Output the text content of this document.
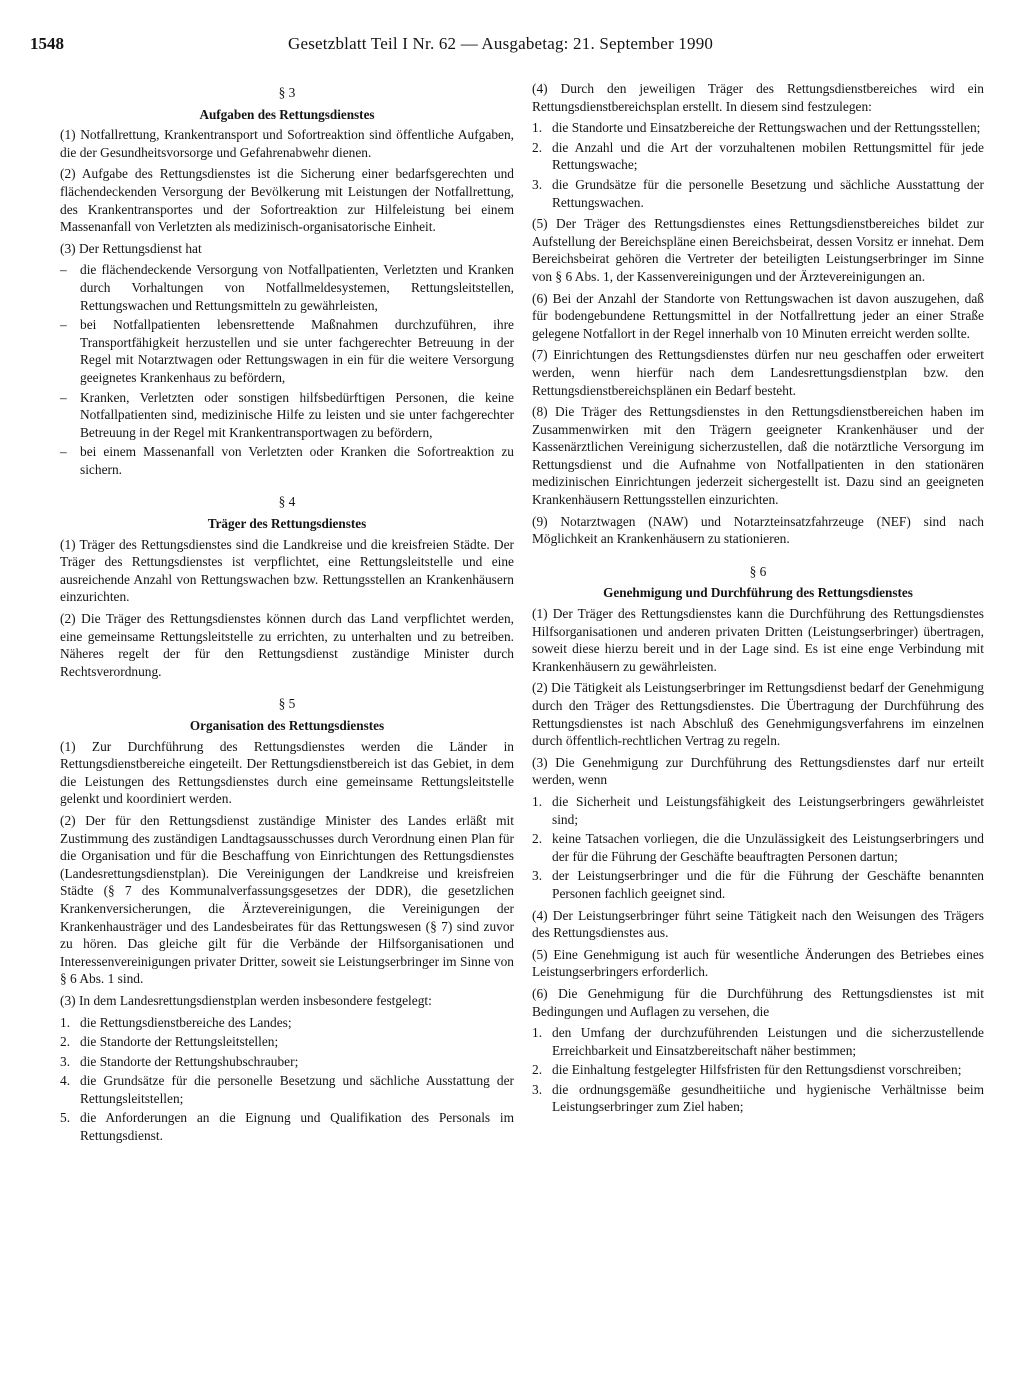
1548	Gesetzblatt Teil I Nr. 62 — Ausgabetag: 21. September 1990
§ 3
Aufgaben des Rettungsdienstes

(1) Notfallrettung, Krankentransport und Sofortreaktion sind öffentliche Aufgaben, die der Gesundheitsvorsorge und Gefahrenabwehr dienen.

(2) Aufgabe des Rettungsdienstes ist die Sicherung einer bedarfsgerechten und flächendeckenden Versorgung der Bevölkerung mit Leistungen der Notfallrettung, des Krankentransportes und der Sofortreaktion zur Hilfeleistung bei einem Massenanfall von Verletzten als medizinisch-organisatorische Einheit.

(3) Der Rettungsdienst hat

– die flächendeckende Versorgung von Notfallpatienten, Verletzten und Kranken durch Vorhaltungen von Notfallmeldesystemen, Rettungsleitstellen, Rettungswachen und Rettungsmitteln zu gewährleisten,
– bei Notfallpatienten lebensrettende Maßnahmen durchzuführen, ihre Transportfähigkeit herzustellen und sie unter fachgerechter Betreuung in der Regel mit Notarztwagen oder Rettungswagen in ein für die weitere Versorgung geeignetes Krankenhaus zu befördern,
– Kranken, Verletzten oder sonstigen hilfsbedürftigen Personen, die keine Notfallpatienten sind, medizinische Hilfe zu leisten und sie unter fachgerechter Betreuung in der Regel mit Krankentransportwagen zu befördern,
– bei einem Massenanfall von Verletzten oder Kranken die Sofortreaktion zu sichern.
§ 4
Träger des Rettungsdienstes

(1) Träger des Rettungsdienstes sind die Landkreise und die kreisfreien Städte. Der Träger des Rettungsdienstes ist verpflichtet, eine Rettungsleitstelle und eine ausreichende Anzahl von Rettungswachen bzw. Rettungsstellen an Krankenhäusern einzurichten.

(2) Die Träger des Rettungsdienstes können durch das Land verpflichtet werden, eine gemeinsame Rettungsleitstelle zu errichten, zu unterhalten und zu betreiben. Näheres regelt der für den Rettungsdienst zuständige Minister durch Rechtsverordnung.

§ 5
Organisation des Rettungsdienstes

(1) Zur Durchführung des Rettungsdienstes werden die Länder in Rettungsdienstbereiche eingeteilt. Der Rettungsdienstbereich ist das Gebiet, in dem die Leistungen des Rettungsdienstes durch eine gemeinsame Rettungsleitstelle gelenkt und koordiniert werden.

(2) Der für den Rettungsdienst zuständige Minister des Landes erläßt mit Zustimmung des zuständigen Landtagsausschusses durch Verordnung einen Plan für die Organisation und für die Beschaffung von Einrichtungen des Rettungsdienstes (Landesrettungsdienstplan). Die Vereinigungen der Landkreise und kreisfreien Städte (§ 7 des Kommunalverfassungsgesetzes der DDR), die gesetzlichen Krankenversicherungen, die Ärztevereinigungen, die Vereinigungen der Krankenhausträger und des Landesbeirates für das Rettungswesen (§ 7) sind zuvor zu hören. Das gleiche gilt für die Verbände der Hilfsorganisationen und Interessenvereinigungen privater Dritter, soweit sie Leistungserbringer im Sinne von § 6 Abs. 1 sind.

(3) In dem Landesrettungsdienstplan werden insbesondere festgelegt:

1. die Rettungsdienstbereiche des Landes;
2. die Standorte der Rettungsleitstellen;
3. die Standorte der Rettungshubschrauber;
4. die Grundsätze für die personelle Besetzung und sächliche Ausstattung der Rettungsleitstellen;
5. die Anforderungen an die Eignung und Qualifikation des Personals im Rettungsdienst.

(4) Durch den jeweiligen Träger des Rettungsdienstbereiches wird ein Rettungsdienstbereichsplan erstellt. In diesem sind festzulegen:

1. die Standorte und Einsatzbereiche der Rettungswachen und der Rettungsstellen;
2. die Anzahl und die Art der vorzuhaltenen mobilen Rettungsmittel für jede Rettungswache;
3. die Grundsätze für die personelle Besetzung und sächliche Ausstattung der Rettungswachen.

(5) Der Träger des Rettungsdienstes eines Rettungsdienstbereiches bildet zur Aufstellung der Bereichspläne einen Bereichsbeirat, dessen Vorsitz er innehat. Dem Bereichsbeirat gehören die Vertreter der beteiligten Leistungserbringer im Sinne von § 6 Abs. 1, der Kassenvereinigungen und der Ärztevereinigungen an.

(6) Bei der Anzahl der Standorte von Rettungswachen ist davon auszugehen, daß für bodengebundene Rettungsmittel in der Notfallrettung jeder an einer Straße gelegene Notfallort in der Regel innerhalb von 10 Minuten erreicht werden sollte.

(7) Einrichtungen des Rettungsdienstes dürfen nur neu geschaffen oder erweitert werden, wenn hierfür nach dem Landesrettungsdienstplan bzw. den Rettungsdienstbereichsplänen ein Bedarf besteht.

(8) Die Träger des Rettungsdienstes in den Rettungsdienstbereichen haben im Zusammenwirken mit den Trägern geeigneter Krankenhäuser und der Kassenärztlichen Vereinigung sicherzustellen, daß die notärztliche Versorgung im Rettungsdienst und die Aufnahme von Notfallpatienten in den stationären medizinischen Einrichtungen jederzeit sichergestellt ist. Dazu sind an geeigneten Krankenhäusern Rettungsstellen einzurichten.

(9) Notarztwagen (NAW) und Notarzteinsatzfahrzeuge (NEF) sind nach Möglichkeit an Krankenhäusern zu stationieren.

§ 6
Genehmigung und Durchführung des Rettungsdienstes

(1) Der Träger des Rettungsdienstes kann die Durchführung des Rettungsdienstes Hilfsorganisationen und anderen privaten Dritten (Leistungserbringer) übertragen, soweit diese hierzu bereit und in der Lage sind. Es ist eine enge Verbindung mit Krankenhäusern zu gewährleisten.

(2) Die Tätigkeit als Leistungserbringer im Rettungsdienst bedarf der Genehmigung durch den Träger des Rettungsdienstes. Die Übertragung der Durchführung des Rettungsdienstes ist nach Abschluß des Genehmigungsverfahrens im einzelnen durch öffentlich-rechtlichen Vertrag zu regeln.

(3) Die Genehmigung zur Durchführung des Rettungsdienstes darf nur erteilt werden, wenn

1. die Sicherheit und Leistungsfähigkeit des Leistungserbringers gewährleistet sind;
2. keine Tatsachen vorliegen, die die Unzulässigkeit des Leistungserbringers und der für die Führung der Geschäfte beauftragten Personen dartun;
3. der Leistungserbringer und die für die Führung der Geschäfte benannten Personen fachlich geeignet sind.

(4) Der Leistungserbringer führt seine Tätigkeit nach den Weisungen des Trägers des Rettungsdienstes aus.

(5) Eine Genehmigung ist auch für wesentliche Änderungen des Betriebes eines Leistungserbringers erforderlich.

(6) Die Genehmigung für die Durchführung des Rettungsdienstes ist mit Bedingungen und Auflagen zu versehen, die

1. den Umfang der durchzuführenden Leistungen und die sicherzustellende Erreichbarkeit und Einsatzbereitschaft näher bestimmen;
2. die Einhaltung festgelegter Hilfsfristen für den Rettungsdienst vorschreiben;
3. die ordnungsgemäße gesundheitiiche und hygienische Verhältnisse beim Leistungserbringer zum Ziel haben;
